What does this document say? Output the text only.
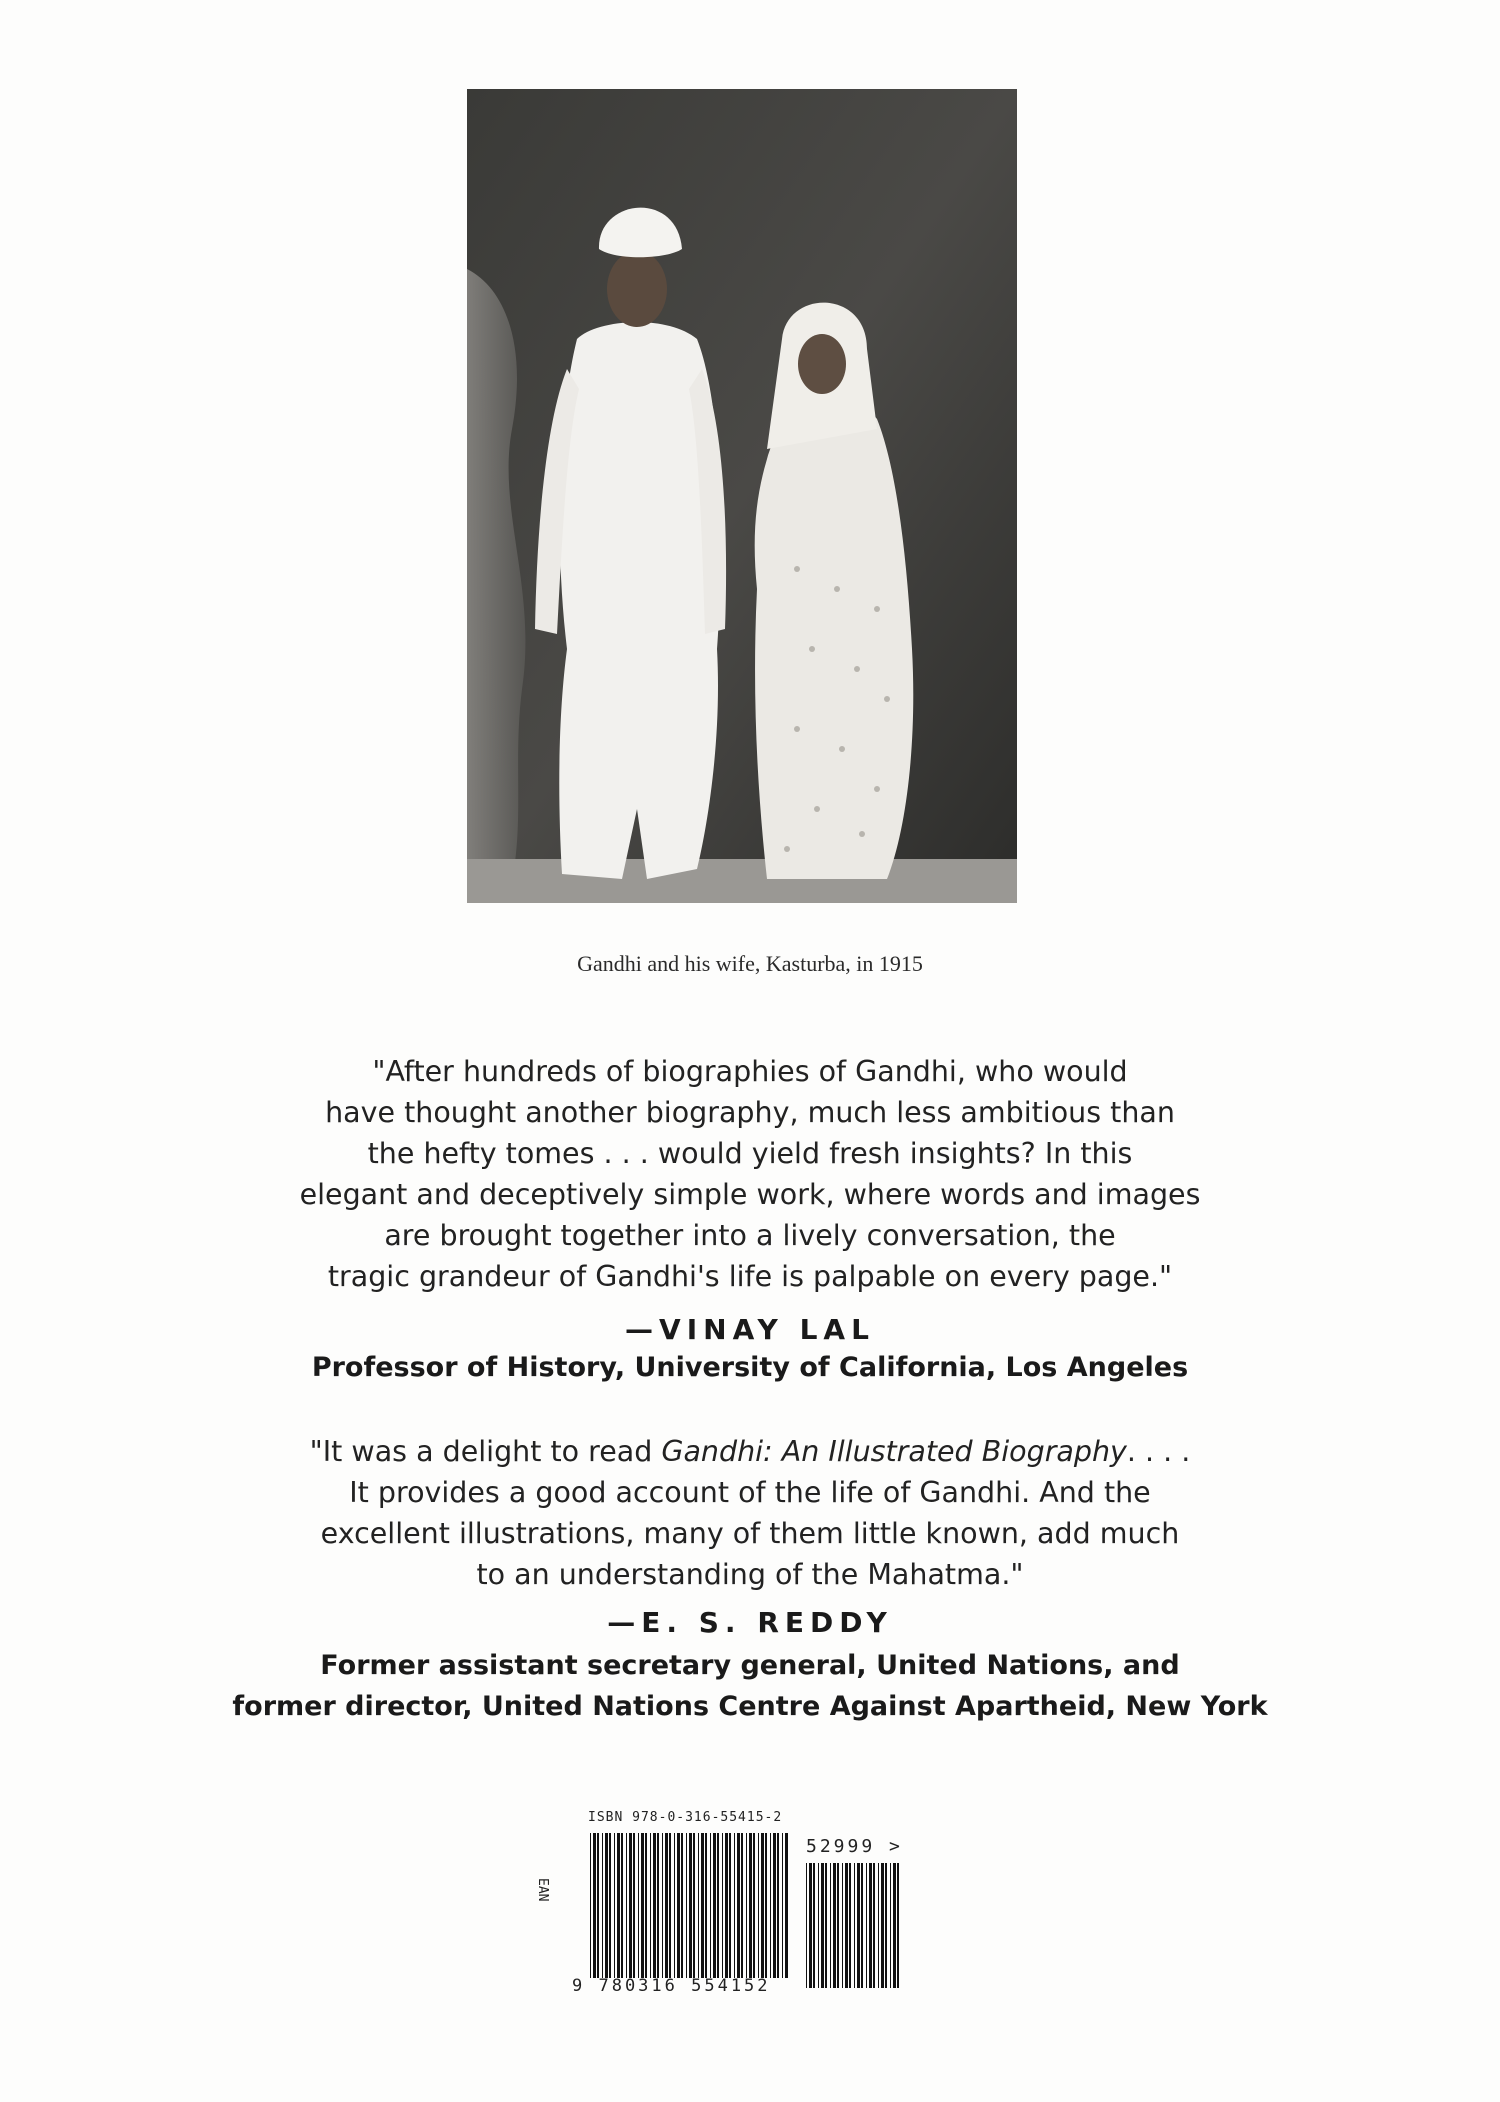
Gandhi and his wife, Kasturba, in 1915
"After hundreds of biographies of Gandhi, who would
have thought another biography, much less ambitious than
the hefty tomes . . . would yield fresh insights? In this
elegant and deceptively simple work, where words and images
are brought together into a lively conversation, the
tragic grandeur of Gandhi's life is palpable on every page."
—VINAY LAL
Professor of History, University of California, Los Angeles
"It was a delight to read Gandhi: An Illustrated Biography. . . .
It provides a good account of the life of Gandhi. And the
excellent illustrations, many of them little known, add much
to an understanding of the Mahatma."
—E. S. REDDY
Former assistant secretary general, United Nations, and
former director, United Nations Centre Against Apartheid, New York
ISBN 978-0-316-55415-2
EAN
52999 >
9 780316 554152
